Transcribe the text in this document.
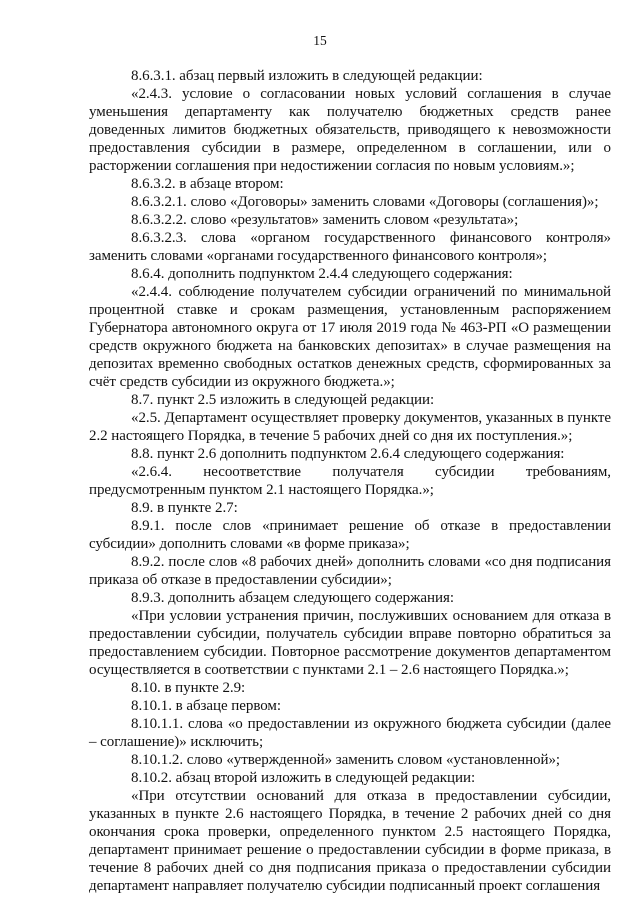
15

8.6.3.1. абзац первый изложить в следующей редакции:

«2.4.3. условие о согласовании новых условий соглашения в случае уменьшения департаменту как получателю бюджетных средств ранее доведенных лимитов бюджетных обязательств, приводящего к невозможности предоставления субсидии в размере, определенном в соглашении, или о расторжении соглашения при недостижении согласия по новым условиям.»;

8.6.3.2. в абзаце втором:

8.6.3.2.1. слово «Договоры» заменить словами «Договоры (соглашения)»;

8.6.3.2.2. слово «результатов» заменить словом «результата»;

8.6.3.2.3. слова «органом государственного финансового контроля» заменить словами «органами государственного финансового контроля»;

8.6.4. дополнить подпунктом 2.4.4 следующего содержания:

«2.4.4. соблюдение получателем субсидии ограничений по минимальной процентной ставке и срокам размещения, установленным распоряжением Губернатора автономного округа от 17 июля 2019 года № 463-РП «О размещении средств окружного бюджета на банковских депозитах» в случае размещения на депозитах временно свободных остатков денежных средств, сформированных за счёт средств субсидии из окружного бюджета.»;

8.7. пункт 2.5 изложить в следующей редакции:

«2.5. Департамент осуществляет проверку документов, указанных в пункте 2.2 настоящего Порядка, в течение 5 рабочих дней со дня их поступления.»;

8.8. пункт 2.6 дополнить подпунктом 2.6.4 следующего содержания:

«2.6.4. несоответствие получателя субсидии требованиям, предусмотренным пунктом 2.1 настоящего Порядка.»;

8.9. в пункте 2.7:

8.9.1. после слов «принимает решение об отказе в предоставлении субсидии» дополнить словами «в форме приказа»;

8.9.2. после слов «8 рабочих дней» дополнить словами «со дня подписания приказа об отказе в предоставлении субсидии»;

8.9.3. дополнить абзацем следующего содержания:

«При условии устранения причин, послуживших основанием для отказа в предоставлении субсидии, получатель субсидии вправе повторно обратиться за предоставлением субсидии. Повторное рассмотрение документов департаментом осуществляется в соответствии с пунктами 2.1 – 2.6 настоящего Порядка.»;

8.10. в пункте 2.9:

8.10.1. в абзаце первом:

8.10.1.1. слова «о предоставлении из окружного бюджета субсидии (далее – соглашение)» исключить;

8.10.1.2. слово «утвержденной» заменить словом «установленной»;

8.10.2. абзац второй изложить в следующей редакции:

«При отсутствии оснований для отказа в предоставлении субсидии, указанных в пункте 2.6 настоящего Порядка, в течение 2 рабочих дней со дня окончания срока проверки, определенного пунктом 2.5 настоящего Порядка, департамент принимает решение о предоставлении субсидии в форме приказа, в течение 8 рабочих дней со дня подписания приказа о предоставлении субсидии департамент направляет получателю субсидии подписанный проект соглашения
